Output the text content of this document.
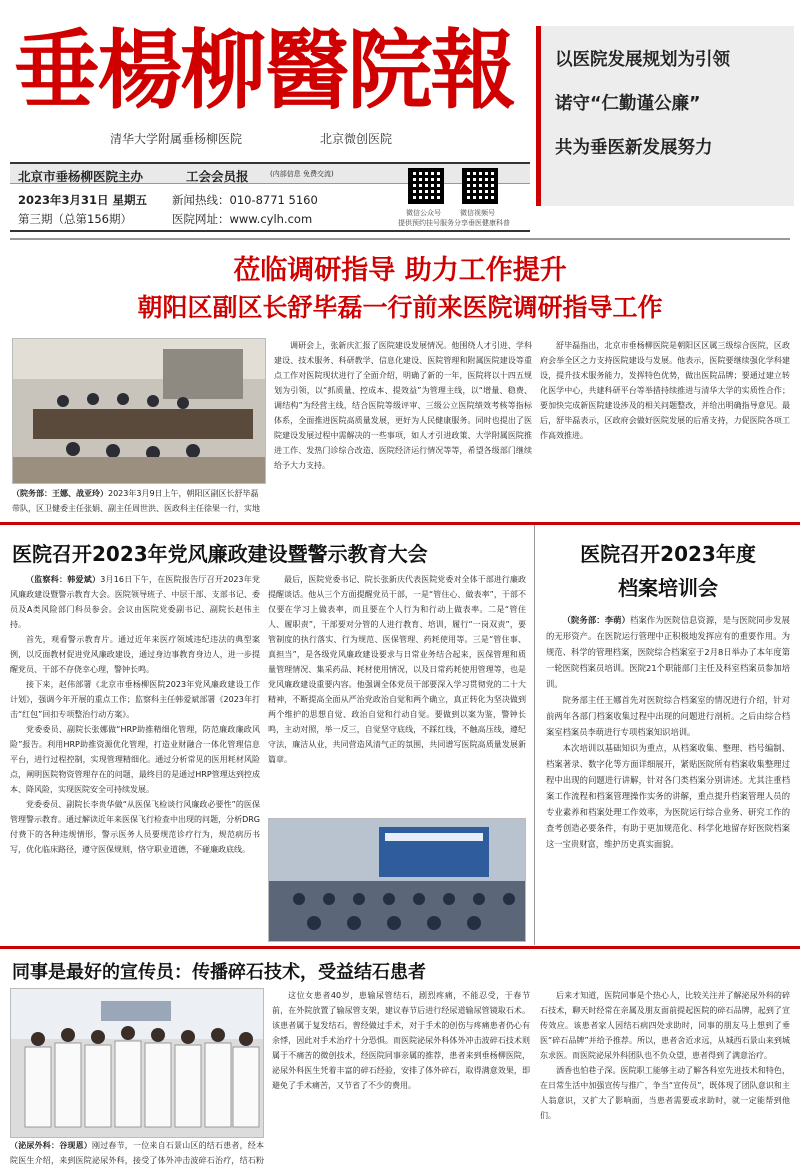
垂楊柳醫院報
清华大学附属垂杨柳医院	北京微创医院
北京市垂杨柳医院主办	工会会员报	(内部信息 免费交流)
2023年3月31日 星期五
第三期（总第156期）
新闻热线：010-8771 5160
医院网址：www.cylh.com	微信公众号
提供预约挂号服务
微信视频号
分享垂医健康科普
以医院发展规划为引领
诺守“仁勤谨公廉”
共为垂医新发展努力
莅临调研指导 助力工作提升
朝阳区副区长舒毕磊一行前来医院调研指导工作
（院务部：王娜、战亚玲）2023年3月9日上午，朝阳区副区长舒毕磊带队，区卫健委主任张娟、副主任周世洪、医政科主任徐果一行，实地

调研会上，张新庆汇报了医院建设发展情况。他围绕人才引进、学科建设、技术服务、科研教学、信息化建设、医院管理和附属医院建设等重点工作对医院现状进行了全面介绍，明确了新的一年，医院将以十四五规划为引领，以“抓质量、控成本、提效益”为管理主线，以“增量、稳费、调结构”为经营主线，结合医院等级评审、三级公立医院绩效考核等指标体系，全面推进医院高质量发展，更好为人民健康服务。同时也提出了医院建设发展过程中需解决的一些事项，如人才引进政策、大学附属医院推进工作、发热门诊综合改造、医院经济运行情况等等，希望各级部门继续给予大力支持。

舒毕磊指出，北京市垂杨柳医院是朝阳区区属三级综合医院，区政府会举全区之力支持医院建设与发展。他表示，医院要继续强化学科建设，提升技术服务能力，发挥特色优势，做出医院品牌；要通过建立转化医学中心，共建科研平台等举措持续推进与清华大学的实质性合作；要加快完成新医院建设涉及的相关问题整改，并给出明确指导意见。最后，舒毕磊表示，区政府会做好医院发展的后盾支持，力促医院各项工作高效推进。

医院召开2023年党风廉政建设暨警示教育大会

（监察科：韩爱斌）3月16日下午，在医院报告厅召开2023年党风廉政建设暨警示教育大会。医院领导班子、中层干部、支部书记、委员及A类风险部门科员参会。会议由医院党委副书记、副院长赵伟主持。

首先，观看警示教育片。通过近年来医疗领域违纪违法的典型案例，以反面教材促进党风廉政建设，通过身边事教育身边人，进一步提醒党员、干部不存侥幸心理，警钟长鸣。

接下来，赵伟部署《北京市垂杨柳医院2023年党风廉政建设工作计划》，强调今年开展的重点工作；监察科主任韩爱斌部署《2023年打击“红包”回扣专项整治行动方案》。

党委委员、副院长张娜做“HRP助推精细化管理，防范廉政廉政风险”报告。利用HRP助推资源优化管理，打造业财融合一体化管理信息平台，进行过程控制，实现管理精细化。通过分析常见的医用耗材风险点，阐明医院物资管理存在的问题，最终目的是通过HRP管理达到控成本、降风险，实现医院安全可持续发展。

党委委员、副院长李贵华做“从医保飞检谈行风廉政必要性”的医保管理警示教育。通过解读近年来医保飞行检查中出现的问题，分析DRG付费下的各种违规情形，警示医务人员要规范诊疗行为，规范病历书写，优化临床路径，遵守医保规则，恪守职业道德，不碰廉政底线。

最后，医院党委书记、院长张新庆代表医院党委对全体干部进行廉政提醒谈话。他从三个方面提醒党员干部，一是“管住心、做表率”，干部不仅要在学习上做表率，而且要在个人行为和行动上做表率。二是“管住人、履职责”，干部要对分管的人进行教育、培训，履行“一岗双责”，要管制度的执行落实、行为规范、医保管理、药耗使用等。三是“管住事、真担当”，是各级党风廉政建设要求与日常业务结合起来，医保管理和质量管理情况、集采药品、耗材使用情况，以及日常药耗使用管理等，也是党风廉政建设重要内容。他强调全体党员干部要深入学习贯彻党的二十大精神，不断提高全面从严治党政治自觉和两个确立，真正转化为坚决做到两个维护的思想自觉、政治自觉和行动自觉。要做到以案为鉴，警钟长鸣，主动对照，举一反三，自觉坚守底线，不踩红线，不触高压线，遵纪守法，廉洁从业，共同营造风清气正的氛围，共同谱写医院高质量发展新篇章。

医院召开2023年度
档案培训会

（院务部：李萌）档案作为医院信息资源，是与医院同步发展的无形资产。在医院运行管理中正积极地发挥应有的重要作用。为规范、科学的管理档案，医院综合档案室于2月8日举办了本年度第一轮医院档案员培训。医院21个职能部门主任及科室档案员参加培训。

院务部主任王娜首先对医院综合档案室的情况进行介绍，针对前两年各部门档案收集过程中出现的问题进行剖析。之后由综合档案室档案员李萌进行专项档案知识培训。

本次培训以基础知识为重点，从档案收集、整理、档号编制、档案著录、数字化等方面详细展开，紧贴医院所有档案收集整理过程中出现的问题进行讲解，针对各门类档案分别讲述。尤其注重档案工作流程和档案管理操作实务的讲解，重点提升档案管理人员的专业素养和档案处理工作效率，为医院运行综合业务、研究工作的查考创造必要条件，有助于更加规范化、科学化地留存好医院档案这一宝贵财富，维护历史真实面貌。

同事是最好的宣传员：传播碎石技术，受益结石患者

（泌尿外科：谷现恩）刚过春节，一位来自石景山区的结石患者，经本院医生介绍，来到医院泌尿外科，接受了体外冲击波碎石治疗，结石粉

这位女患者40岁，患输尿管结石，剧烈疼痛，不能忍受，于春节前，在外院放置了输尿管支架，建议春节后进行经尿道输尿管镜取石术。该患者属于复发结石，曾经做过手术，对于手术的创伤与疼痛患者仍心有余悸，因此对手术治疗十分恐惧。而医院泌尿外科体外冲击波碎石技术则属于不痛苦的微创技术，经医院同事亲属的推荐，患者来到垂杨柳医院，泌尿外科医生凭着丰富的碎石经验，安排了体外碎石，取得满意效果，即避免了手术痛苦，又节省了不少的费用。

后来才知道，医院同事是个热心人，比较关注并了解泌尿外科的碎石技术，聊天时经常在亲属及朋友面前提起医院的碎石品牌，起到了宣传效应。该患者家人因结石病四处求助时，同事的朋友马上想到了垂医“碎石品牌”并给予推荐。所以，患者舍近求远，从城西石景山来到城东求医。而医院泌尿外科团队也不负众望，患者得到了满意治疗。

酒香也怕巷子深。医院职工能够主动了解各科室先进技术和特色，在日常生活中加强宣传与推广，争当“宣传员”，既体现了团队意识和主人翁意识，又扩大了影响面，当患者需要或求助时，就一定能帮到他们。
